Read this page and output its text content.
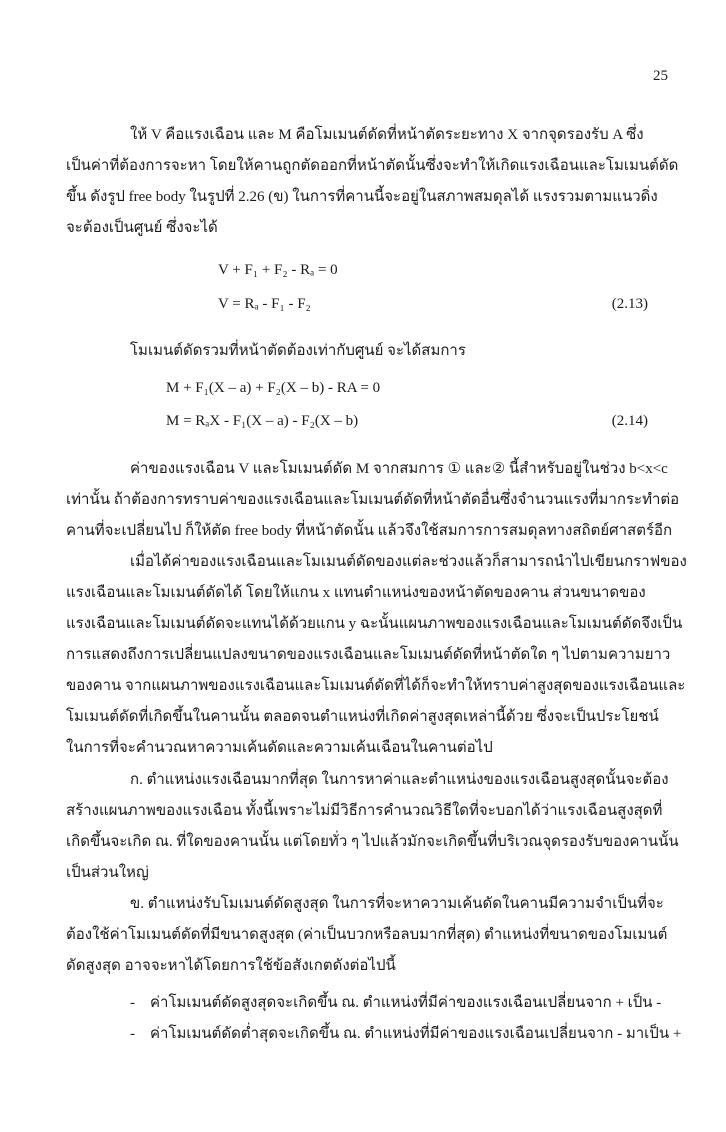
25
ให้ V คือแรงเฉือน และ M คือโมเมนต์ดัดที่หน้าตัดระยะทาง X จากจุดรองรับ A ซึ่ง
เป็นค่าที่ต้องการจะหา โดยให้คานถูกตัดออกที่หน้าตัดนั้นซึ่งจะทำให้เกิดแรงเฉือนและโมเมนต์ดัด
ขึ้น ดังรูป free body ในรูปที่ 2.26 (ข) ในการที่คานนี้จะอยู่ในสภาพสมดุลได้ แรงรวมตามแนวดิ่ง
จะต้องเป็นศูนย์ ซึ่งจะได้
V + F₁ + F₂ - Rₐ = 0
V = Rₐ - F₁ - F₂	(2.13)
โมเมนต์ดัดรวมที่หน้าตัดต้องเท่ากับศูนย์ จะได้สมการ
M + F₁(X – a) + F₂(X – b) - RA = 0
M = RₐX - F₁(X – a) - F₂(X – b)	(2.14)
ค่าของแรงเฉือน V และโมเมนต์ดัด M จากสมการ ① และ② นี้สำหรับอยู่ในช่วง b<x<c
เท่านั้น ถ้าต้องการทราบค่าของแรงเฉือนและโมเมนต์ดัดที่หน้าตัดอื่นซึ่งจำนวนแรงที่มากระทำต่อ
คานที่จะเปลี่ยนไป ก็ให้ตัด free body ที่หน้าตัดนั้น แล้วจึงใช้สมการการสมดุลทางสถิตย์ศาสตร์อีก
เมื่อได้ค่าของแรงเฉือนและโมเมนต์ดัดของแต่ละช่วงแล้วก็สามารถนำไปเขียนกราฟของ
แรงเฉือนและโมเมนต์ดัดได้ โดยให้แกน x แทนตำแหน่งของหน้าตัดของคาน ส่วนขนาดของ
แรงเฉือนและโมเมนต์ดัดจะแทนได้ด้วยแกน y ฉะนั้นแผนภาพของแรงเฉือนและโมเมนต์ดัดจึงเป็น
การแสดงถึงการเปลี่ยนแปลงขนาดของแรงเฉือนและโมเมนต์ดัดที่หน้าตัดใด ๆ ไปตามความยาว
ของคาน จากแผนภาพของแรงเฉือนและโมเมนต์ดัดที่ได้ก็จะทำให้ทราบค่าสูงสุดของแรงเฉือนและ
โมเมนต์ดัดที่เกิดขึ้นในคานนั้น ตลอดจนตำแหน่งที่เกิดค่าสูงสุดเหล่านี้ด้วย ซึ่งจะเป็นประโยชน์
ในการที่จะคำนวณหาความเค้นดัดและความเค้นเฉือนในคานต่อไป
ก. ตำแหน่งแรงเฉือนมากที่สุด ในการหาค่าและตำแหน่งของแรงเฉือนสูงสุดนั้นจะต้อง
สร้างแผนภาพของแรงเฉือน ทั้งนี้เพราะไม่มีวิธีการคำนวณวิธีใดที่จะบอกได้ว่าแรงเฉือนสูงสุดที่
เกิดขึ้นจะเกิด ณ. ที่ใดของคานนั้น แต่โดยทั่ว ๆ ไปแล้วมักจะเกิดขึ้นที่บริเวณจุดรองรับของคานนั้น
เป็นส่วนใหญ่
ข. ตำแหน่งรับโมเมนต์ดัดสูงสุด ในการที่จะหาความเค้นดัดในคานมีความจำเป็นที่จะ
ต้องใช้ค่าโมเมนต์ดัดที่มีขนาดสูงสุด (ค่าเป็นบวกหรือลบมากที่สุด) ตำแหน่งที่ขนาดของโมเมนต์
ดัดสูงสุด อาจจะหาได้โดยการใช้ข้อสังเกตดังต่อไปนี้
- ค่าโมเมนต์ดัดสูงสุดจะเกิดขึ้น ณ. ตำแหน่งที่มีค่าของแรงเฉือนเปลี่ยนจาก + เป็น -
- ค่าโมเมนต์ดัดต่ำสุดจะเกิดขึ้น ณ. ตำแหน่งที่มีค่าของแรงเฉือนเปลี่ยนจาก - มาเป็น +
